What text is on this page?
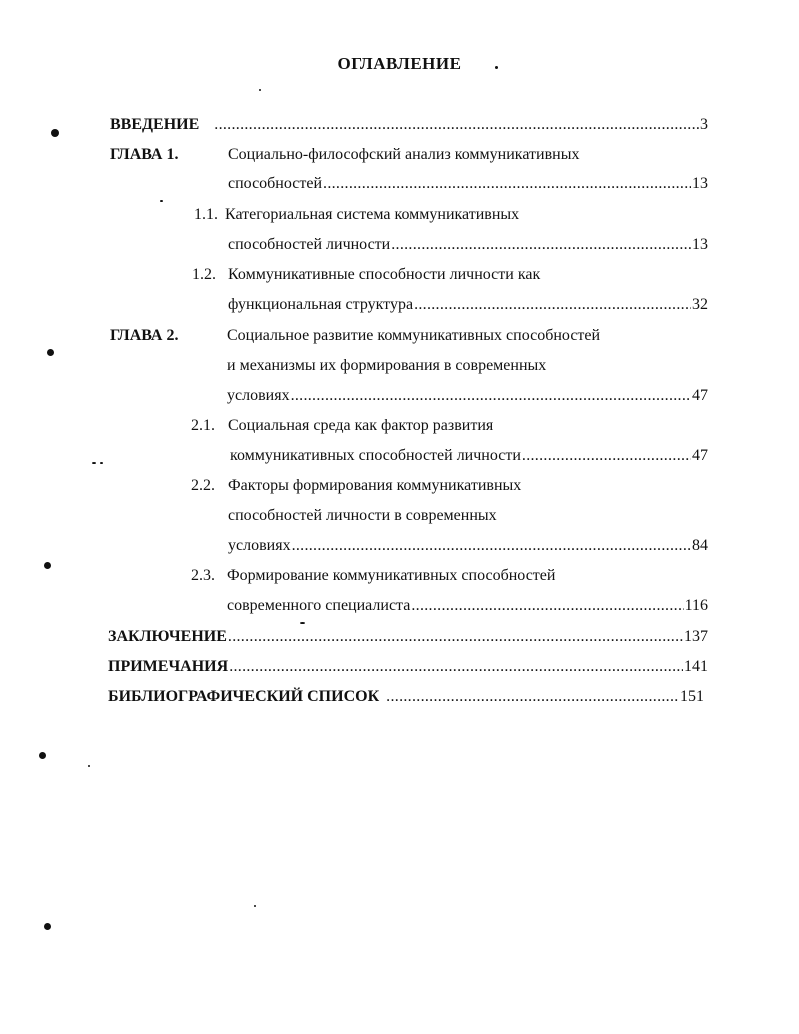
ОГЛАВЛЕНИЕ
ВВЕДЕНИЕ .....	3
ГЛАВА 1.	Социально-философский анализ коммуникативных
способностей .....	13
1.1. Категориальная система коммуникативных
способностей личности .....	13
1.2. Коммуникативные способности личности как
функциональная структура .....	32
ГЛАВА 2.	Социальное развитие коммуникативных способностей
и механизмы их формирования в современных
условиях .....	47
2.1. Социальная среда как фактор развития
коммуникативных способностей личности .....	47
2.2. Факторы формирования коммуникативных
способностей личности в современных
условиях .....	84
2.3. Формирование коммуникативных способностей
современного специалиста .....	116
ЗАКЛЮЧЕНИЕ .....	137
ПРИМЕЧАНИЯ .....	141
БИБЛИОГРАФИЧЕСКИЙ СПИСОК .....	151
